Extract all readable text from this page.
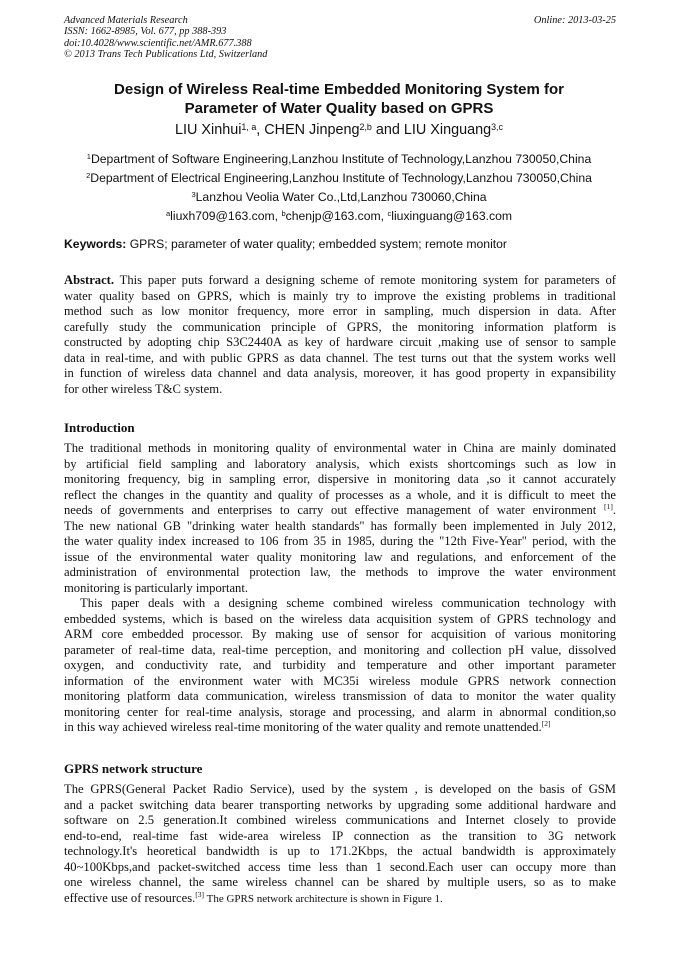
Advanced Materials Research
ISSN: 1662-8985, Vol. 677, pp 388-393
doi:10.4028/www.scientific.net/AMR.677.388
© 2013 Trans Tech Publications Ltd, Switzerland
Online: 2013-03-25
Design of Wireless Real-time Embedded Monitoring System for
Parameter of Water Quality based on GPRS
LIU Xinhui$^{1, a}$, CHEN Jinpeng$^{2,b}$ and LIU Xinguang$^{3,c}$
$^1$Department of Software Engineering,Lanzhou Institute of Technology,Lanzhou 730050,China
$^2$Department of Electrical Engineering,Lanzhou Institute of Technology,Lanzhou 730050,China
$^3$Lanzhou Veolia Water Co.,Ltd,Lanzhou 730060,China
$^a$liuxh709@163.com, $^b$chenjp@163.com, $^c$liuxinguang@163.com
Keywords: GPRS; parameter of water quality; embedded system; remote monitor
Abstract. This paper puts forward a designing scheme of remote monitoring system for parameters of
water quality based on GPRS, which is mainly try to improve the existing problems in traditional
method such as low monitor frequency, more error in sampling, much dispersion in data. After
carefully study the communication principle of GPRS, the monitoring information platform is
constructed by adopting chip S3C2440A as key of hardware circuit ,making use of sensor to sample
data in real-time, and with public GPRS as data channel. The test turns out that the system works well
in function of wireless data channel and data analysis, moreover, it has good property in expansibility
for other wireless T&C system.
Introduction
The traditional methods in monitoring quality of environmental water in China are mainly dominated
by artificial field sampling and laboratory analysis, which exists shortcomings such as low in
monitoring frequency, big in sampling error, dispersive in monitoring data ,so it cannot accurately
reflect the changes in the quantity and quality of processes as a whole, and it is difficult to meet the
needs of governments and enterprises to carry out effective management of water environment [1].
The new national GB "drinking water health standards" has formally been implemented in July 2012,
the water quality index increased to 106 from 35 in 1985, during the "12th Five-Year" period, with the
issue of the environmental water quality monitoring law and regulations, and enforcement of the
administration of environmental protection law, the methods to improve the water environment
monitoring is particularly important.
This paper deals with a designing scheme combined wireless communication technology with
embedded systems, which is based on the wireless data acquisition system of GPRS technology and
ARM core embedded processor. By making use of sensor for acquisition of various monitoring
parameter of real-time data, real-time perception, and monitoring and collection pH value, dissolved
oxygen, and conductivity rate, and turbidity and temperature and other important parameter
information of the environment water with MC35i wireless module GPRS network connection
monitoring platform data communication, wireless transmission of data to monitor the water quality
monitoring center for real-time analysis, storage and processing, and alarm in abnormal condition,so
in this way achieved wireless real-time monitoring of the water quality and remote unattended.[2]
GPRS network structure
The GPRS(General Packet Radio Service), used by the system , is developed on the basis of GSM
and a packet switching data bearer transporting networks by upgrading some additional hardware and
software on 2.5 generation.It combined wireless communications and Internet closely to provide
end-to-end, real-time fast wide-area wireless IP connection as the transition to 3G network
technology.It's heoretical bandwidth is up to 171.2Kbps, the actual bandwidth is approximately
40~100Kbps,and packet-switched access time less than 1 second.Each user can occupy more than
one wireless channel, the same wireless channel can be shared by multiple users, so as to make
effective use of resources.[3] The GPRS network architecture is shown in Figure 1.
